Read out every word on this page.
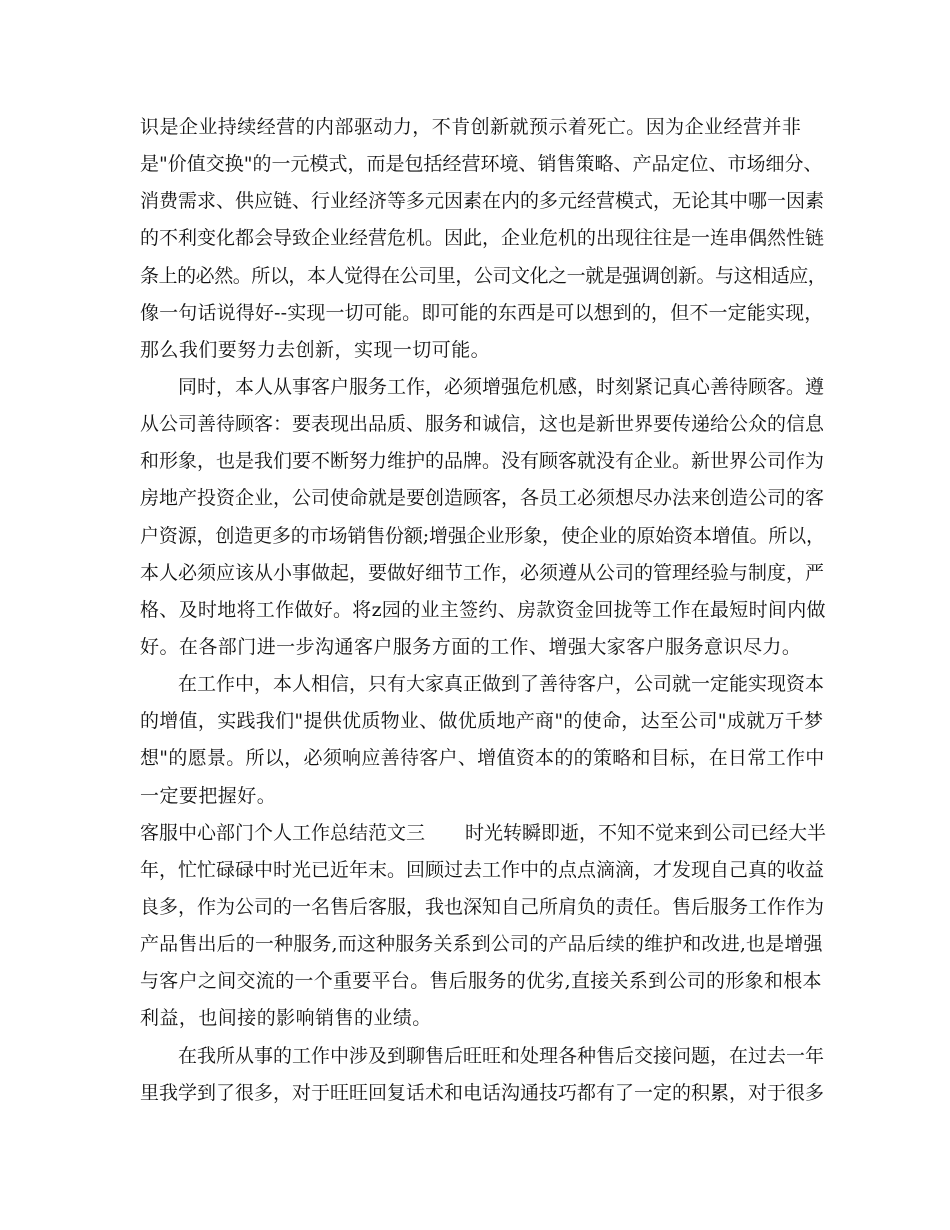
识是企业持续经营的内部驱动力，不肯创新就预示着死亡。因为企业经营并非
是"价值交换"的一元模式，而是包括经营环境、销售策略、产品定位、市场细分、
消费需求、供应链、行业经济等多元因素在内的多元经营模式，无论其中哪一因素
的不利变化都会导致企业经营危机。因此，企业危机的出现往往是一连串偶然性链
条上的必然。所以，本人觉得在公司里，公司文化之一就是强调创新。与这相适应，
像一句话说得好--实现一切可能。即可能的东西是可以想到的，但不一定能实现，
那么我们要努力去创新，实现一切可能。
同时，本人从事客户服务工作，必须增强危机感，时刻紧记真心善待顾客。遵
从公司善待顾客：要表现出品质、服务和诚信，这也是新世界要传递给公众的信息
和形象，也是我们要不断努力维护的品牌。没有顾客就没有企业。新世界公司作为
房地产投资企业，公司使命就是要创造顾客，各员工必须想尽办法来创造公司的客
户资源，创造更多的市场销售份额;增强企业形象，使企业的原始资本增值。所以，
本人必须应该从小事做起，要做好细节工作，必须遵从公司的管理经验与制度，严
格、及时地将工作做好。将z园的业主签约、房款资金回拢等工作在最短时间内做
好。在各部门进一步沟通客户服务方面的工作、增强大家客户服务意识尽力。
在工作中，本人相信，只有大家真正做到了善待客户，公司就一定能实现资本
的增值，实践我们"提供优质物业、做优质地产商"的使命，达至公司"成就万千梦
想"的愿景。所以，必须响应善待客户、增值资本的的策略和目标，在日常工作中
一定要把握好。
客服中心部门个人工作总结范文三 时光转瞬即逝，不知不觉来到公司已经大半
年，忙忙碌碌中时光已近年末。回顾过去工作中的点点滴滴，才发现自己真的收益
良多，作为公司的一名售后客服，我也深知自己所肩负的责任。售后服务工作作为
产品售出后的一种服务,而这种服务关系到公司的产品后续的维护和改进,也是增强
与客户之间交流的一个重要平台。售后服务的优劣,直接关系到公司的形象和根本
利益，也间接的影响销售的业绩。
在我所从事的工作中涉及到聊售后旺旺和处理各种售后交接问题，在过去一年
里我学到了很多，对于旺旺回复话术和电话沟通技巧都有了一定的积累，对于很多
